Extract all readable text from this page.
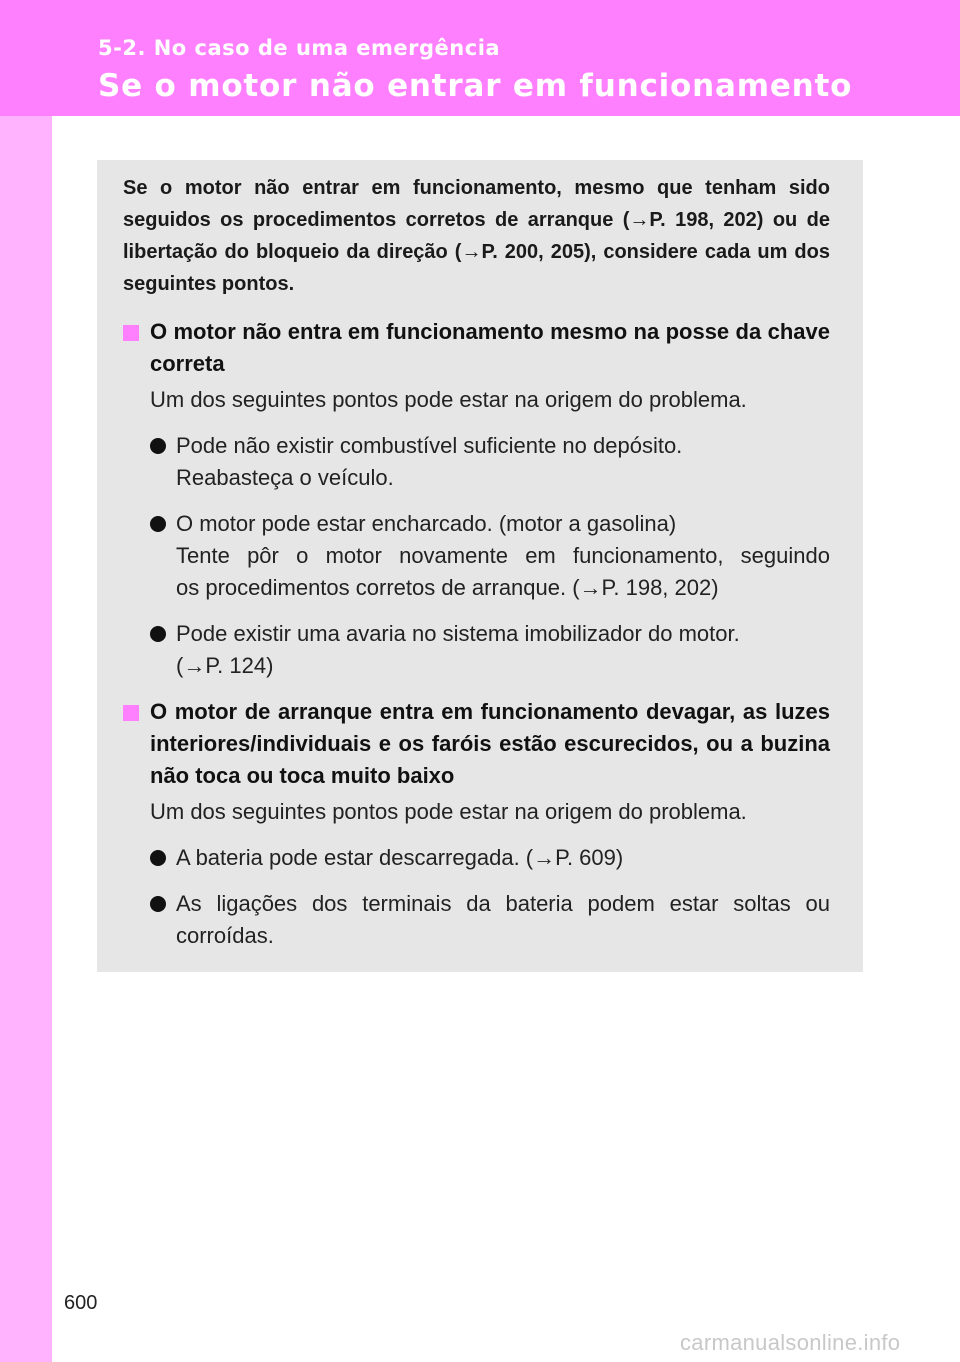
5-2. No caso de uma emergência
Se o motor não entrar em funcionamento

Se o motor não entrar em funcionamento, mesmo que tenham sido seguidos os procedimentos corretos de arranque (→P. 198, 202) ou de libertação do bloqueio da direção (→P. 200, 205), considere cada um dos seguintes pontos.

O motor não entra em funcionamento mesmo na posse da chave correta

Um dos seguintes pontos pode estar na origem do problema.

Pode não existir combustível suficiente no depósito.
Reabasteça o veículo.
O motor pode estar encharcado. (motor a gasolina)
Tente pôr o motor novamente em funcionamento, seguindo
os procedimentos corretos de arranque. (→P. 198, 202)
Pode existir uma avaria no sistema imobilizador do motor.
(→P. 124)
O motor de arranque entra em funcionamento devagar, as luzes interiores/individuais e os faróis estão escurecidos, ou a buzina não toca ou toca muito baixo

Um dos seguintes pontos pode estar na origem do problema.

A bateria pode estar descarregada. (→P. 609)
As ligações dos terminais da bateria podem estar soltas ou
corroídas.
600
carmanualsonline.info
